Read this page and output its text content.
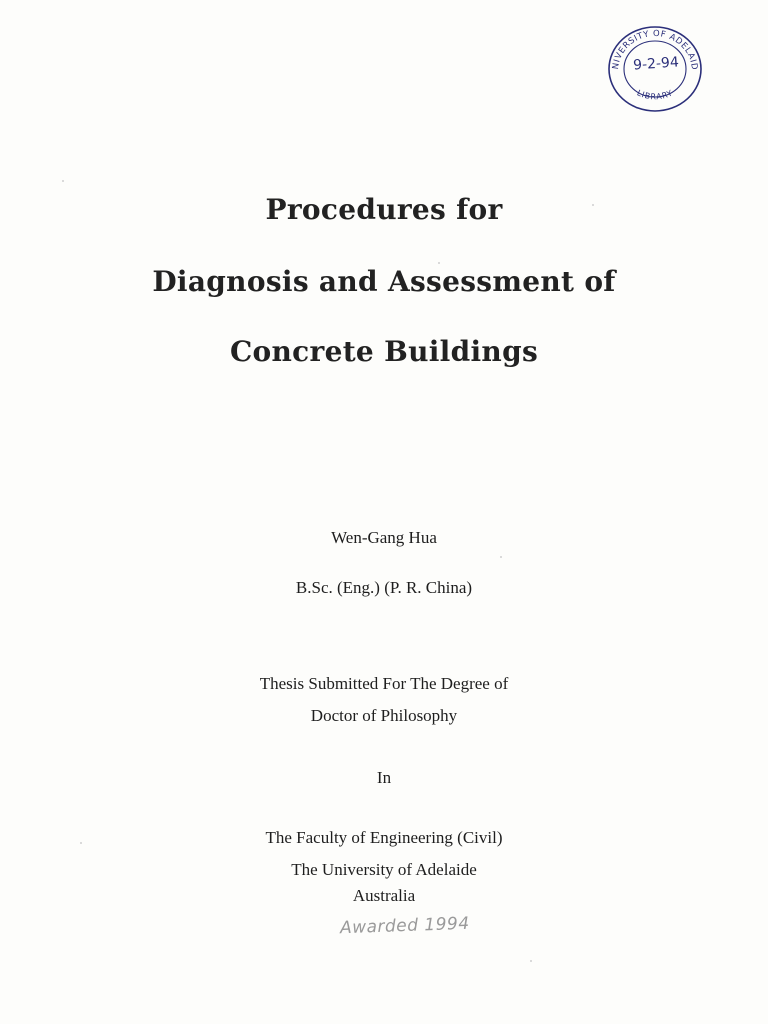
NIVERSITY OF ADELAID
LIBRARY
9-2-94
Procedures for
Diagnosis and Assessment of
Concrete Buildings
Wen-Gang Hua
B.Sc. (Eng.) (P. R. China)
Thesis Submitted For The Degree of
Doctor of Philosophy
In
The Faculty of Engineering (Civil)
The University of Adelaide
Australia
Awarded 1994
